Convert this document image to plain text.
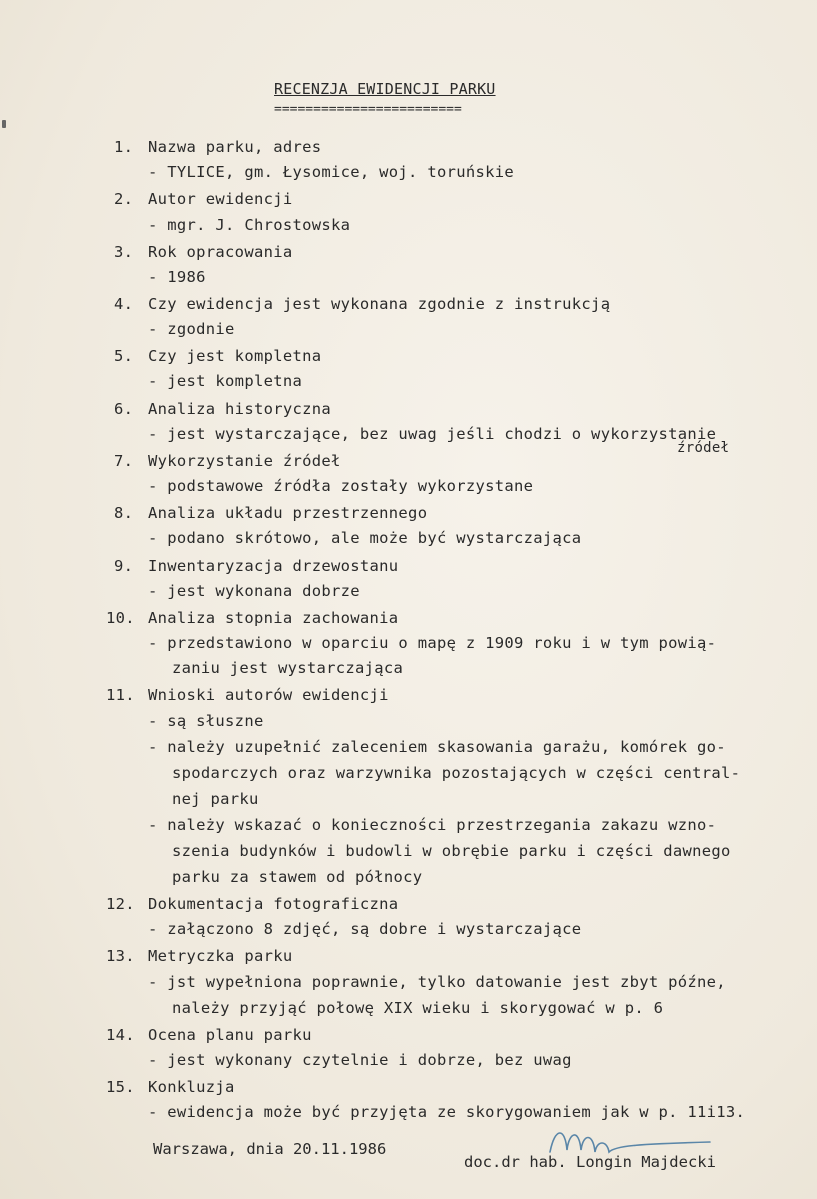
RECENZJA EWIDENCJI PARKU
========================
1. Nazwa parku, adres
- TYLICE, gm. Łysomice, woj. toruńskie
2. Autor ewidencji
- mgr. J. Chrostowska
3. Rok opracowania
- 1986
4. Czy ewidencja jest wykonana zgodnie z instrukcją
- zgodnie
5. Czy jest kompletna
- jest kompletna
6. Analiza historyczna
- jest wystarczające, bez uwag jeśli chodzi o wykorzystanie
źródeł
7. Wykorzystanie źródeł
- podstawowe źródła zostały wykorzystane
8. Analiza układu przestrzennego
- podano skrótowo, ale może być wystarczająca
9. Inwentaryzacja drzewostanu
- jest wykonana dobrze
10. Analiza stopnia zachowania
- przedstawiono w oparciu o mapę z 1909 roku i w tym powią-
zaniu jest wystarczająca
11. Wnioski autorów ewidencji
- są słuszne
- należy uzupełnić zaleceniem skasowania garażu, komórek go-
spodarczych oraz warzywnika pozostających w części central-
nej parku
- należy wskazać o konieczności przestrzegania zakazu wzno-
szenia budynków i budowli w obrębie parku i części dawnego
parku za stawem od północy
12. Dokumentacja fotograficzna
- załączono 8 zdjęć, są dobre i wystarczające
13. Metryczka parku
- jst wypełniona poprawnie, tylko datowanie jest zbyt późne,
należy przyjąć połowę XIX wieku i skorygować w p. 6
14. Ocena planu parku
- jest wykonany czytelnie i dobrze, bez uwag
15. Konkluzja
- ewidencja może być przyjęta ze skorygowaniem jak w p. 11i13.
Warszawa, dnia 20.11.1986
doc.dr hab. Longin Majdecki
